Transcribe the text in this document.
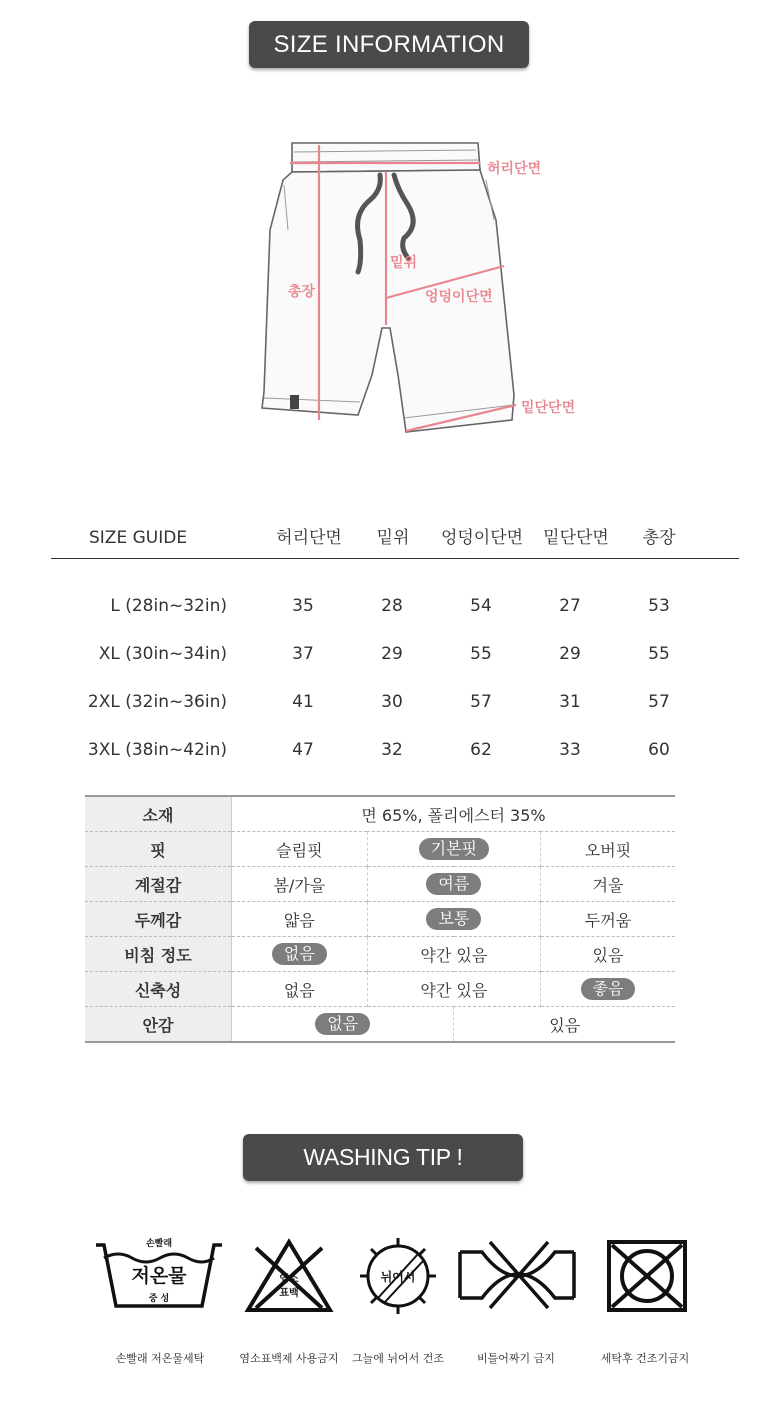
SIZE INFORMATION
허리단면
밑위
총장	엉덩이단면
밑단단면
SIZE GUIDE	허리단면	밑위	엉덩이단면	밑단단면	총장
L (28in~32in)	35	28	54	27	53
XL (30in~34in)	37	29	55	29	55
2XL (32in~36in)	41	30	57	31	57
3XL (38in~42in)	47	32	62	33	60
소재	면 65%, 폴리에스터 35%			
핏	슬림핏	기본핏		오버핏
계절감	봄/가을	여름		겨울
두께감	얇음	보통		두꺼움
비침 정도	없음	약간 있음		있음
신축성	없음	약간 있음		좋음
안감	없음		있음	
WASHING TIP !
손빨래
저온물
중 성
염소
표백
뉘어서
손빨래 저온물세탁	염소표백제 사용금지	그늘에 뉘어서 건조	비틀어짜기 금지	세탁후 건조기금지
